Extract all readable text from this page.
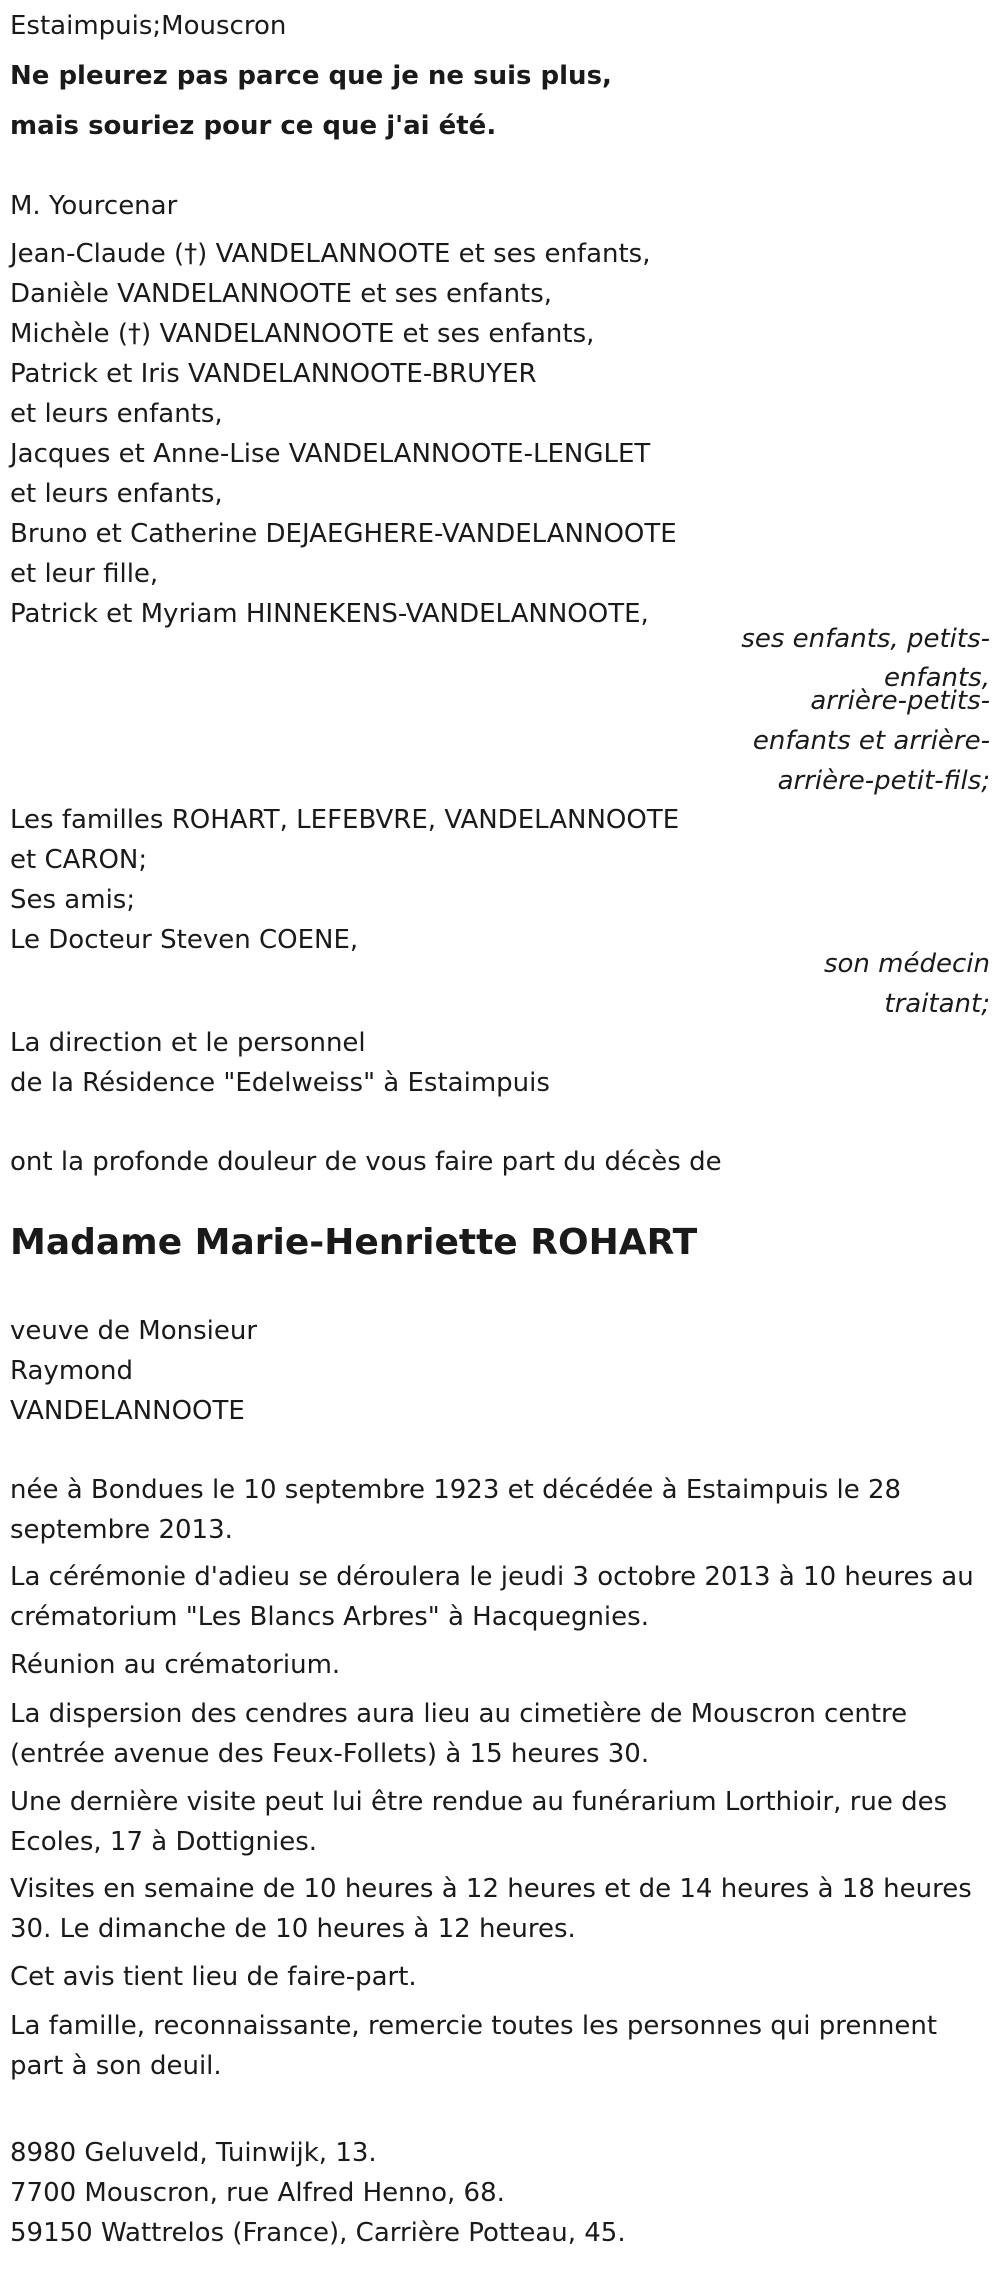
Estaimpuis;Mouscron
Ne pleurez pas parce que je ne suis plus,
mais souriez pour ce que j'ai été.
M. Yourcenar
Jean-Claude (†) VANDELANNOOTE et ses enfants,
Danièle VANDELANNOOTE et ses enfants,
Michèle (†) VANDELANNOOTE et ses enfants,
Patrick et Iris VANDELANNOOTE-BRUYER
et leurs enfants,
Jacques et Anne-Lise VANDELANNOOTE-LENGLET
et leurs enfants,
Bruno et Catherine DEJAEGHERE-VANDELANNOOTE
et leur fille,
Patrick et Myriam HINNEKENS-VANDELANNOOTE,
ses enfants, petits-
enfants,
arrière-petits-
enfants et arrière-
arrière-petit-fils;
Les familles ROHART, LEFEBVRE, VANDELANNOOTE
et CARON;
Ses amis;
Le Docteur Steven COENE,
son médecin
traitant;
La direction et le personnel
de la Résidence "Edelweiss" à Estaimpuis
ont la profonde douleur de vous faire part du décès de
Madame Marie-Henriette ROHART
veuve de Monsieur
Raymond
VANDELANNOOTE
née à Bondues le 10 septembre 1923 et décédée à Estaimpuis le 28 septembre 2013.
La cérémonie d'adieu se déroulera le jeudi 3 octobre 2013 à 10 heures au crématorium "Les Blancs Arbres" à Hacquegnies.
Réunion au crématorium.
La dispersion des cendres aura lieu au cimetière de Mouscron centre (entrée avenue des Feux-Follets) à 15 heures 30.
Une dernière visite peut lui être rendue au funérarium Lorthioir, rue des Ecoles, 17 à Dottignies.
Visites en semaine de 10 heures à 12 heures et de 14 heures à 18 heures 30. Le dimanche de 10 heures à 12 heures.
Cet avis tient lieu de faire-part.
La famille, reconnaissante, remercie toutes les personnes qui prennent part à son deuil.
8980 Geluveld, Tuinwijk, 13.
7700 Mouscron, rue Alfred Henno, 68.
59150 Wattrelos (France), Carrière Potteau, 45.
